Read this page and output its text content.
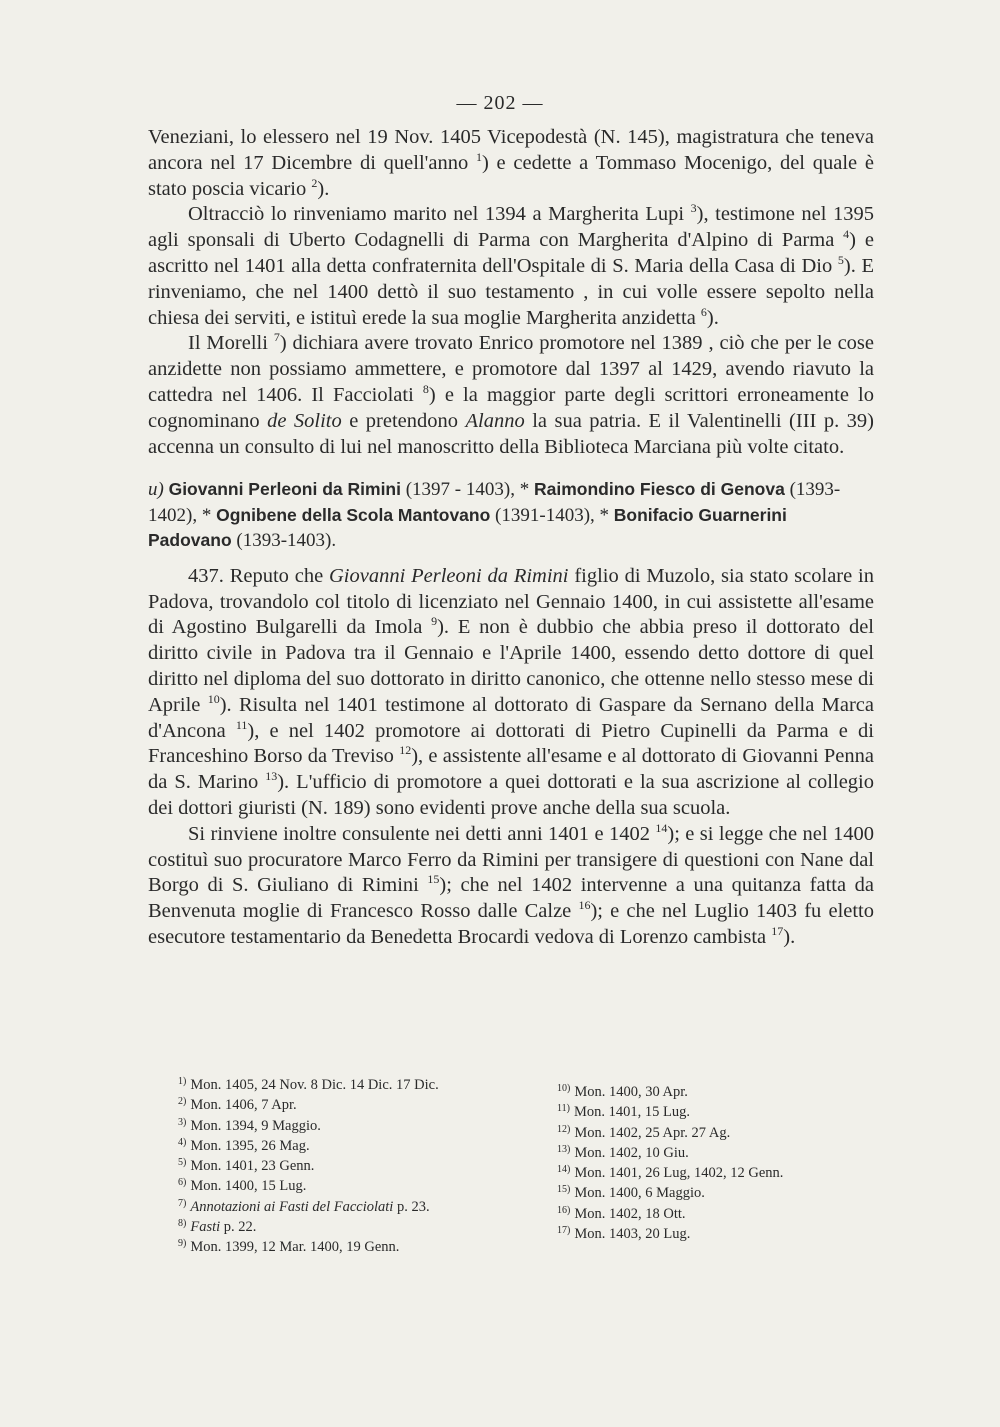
— 202 —

Veneziani, lo elessero nel 19 Nov. 1405 Vicepodestà (N. 145), magistratura che teneva ancora nel 17 Dicembre di quell'anno $^1$) e cedette a Tommaso Mocenigo, del quale è stato poscia vicario $^2$).

Oltracciò lo rinveniamo marito nel 1394 a Margherita Lupi $^3$), testimone nel 1395 agli sponsali di Uberto Codagnelli di Parma con Margherita d'Alpino di Parma $^4$) e ascritto nel 1401 alla detta confraternita dell'Ospitale di S. Maria della Casa di Dio $^5$). E rinveniamo, che nel 1400 dettò il suo testamento , in cui volle essere sepolto nella chiesa dei serviti, e istituì erede la sua moglie Margherita anzidetta $^6$).

Il Morelli $^7$) dichiara avere trovato Enrico promotore nel 1389 , ciò che per le cose anzidette non possiamo ammettere, e promotore dal 1397 al 1429, avendo riavuto la cattedra nel 1406. Il Facciolati $^8$) e la maggior parte degli scrittori erroneamente lo cognominano de Solito e pretendono Alanno la sua patria. E il Valentinelli (III p. 39) accenna un consulto di lui nel manoscritto della Biblioteca Marciana più volte citato.

u) Giovanni Perleoni da Rimini (1397 - 1403), * Raimondino Fiesco di Genova (1393-1402), * Ognibene della Scola Mantovano (1391-1403), * Bonifacio Guarnerini Padovano (1393-1403).

437. Reputo che Giovanni Perleoni da Rimini figlio di Muzolo, sia stato scolare in Padova, trovandolo col titolo di licenziato nel Gennaio 1400, in cui assistette all'esame di Agostino Bulgarelli da Imola $^9$). E non è dubbio che abbia preso il dottorato del diritto civile in Padova tra il Gennaio e l'Aprile 1400, essendo detto dottore di quel diritto nel diploma del suo dottorato in diritto canonico, che ottenne nello stesso mese di Aprile $^{10}$). Risulta nel 1401 testimone al dottorato di Gaspare da Sernano della Marca d'Ancona $^{11}$), e nel 1402 promotore ai dottorati di Pietro Cupinelli da Parma e di Franceshino Borso da Treviso $^{12}$), e assistente all'esame e al dottorato di Giovanni Penna da S. Marino $^{13}$). L'ufficio di promotore a quei dottorati e la sua ascrizione al collegio dei dottori giuristi (N. 189) sono evidenti prove anche della sua scuola.

Si rinviene inoltre consulente nei detti anni 1401 e 1402 $^{14}$); e si legge che nel 1400 costituì suo procuratore Marco Ferro da Rimini per transigere di questioni con Nane dal Borgo di S. Giuliano di Rimini $^{15}$); che nel 1402 intervenne a una quitanza fatta da Benvenuta moglie di Francesco Rosso dalle Calze $^{16}$); e che nel Luglio 1403 fu eletto esecutore testamentario da Benedetta Brocardi vedova di Lorenzo cambista $^{17}$).

$^{1)}$ Mon. 1405, 24 Nov. 8 Dic. 14 Dic. 17 Dic.
$^{2)}$ Mon. 1406, 7 Apr.
$^{3)}$ Mon. 1394, 9 Maggio.
$^{4)}$ Mon. 1395, 26 Mag.
$^{5)}$ Mon. 1401, 23 Genn.
$^{6)}$ Mon. 1400, 15 Lug.
$^{7)}$ Annotazioni ai Fasti del Facciolati p. 23.
$^{8)}$ Fasti p. 22.
$^{9)}$ Mon. 1399, 12 Mar. 1400, 19 Genn.
$^{10)}$ Mon. 1400, 30 Apr.
$^{11)}$ Mon. 1401, 15 Lug.
$^{12)}$ Mon. 1402, 25 Apr. 27 Ag.
$^{13)}$ Mon. 1402, 10 Giu.
$^{14)}$ Mon. 1401, 26 Lug, 1402, 12 Genn.
$^{15)}$ Mon. 1400, 6 Maggio.
$^{16)}$ Mon. 1402, 18 Ott.
$^{17)}$ Mon. 1403, 20 Lug.
